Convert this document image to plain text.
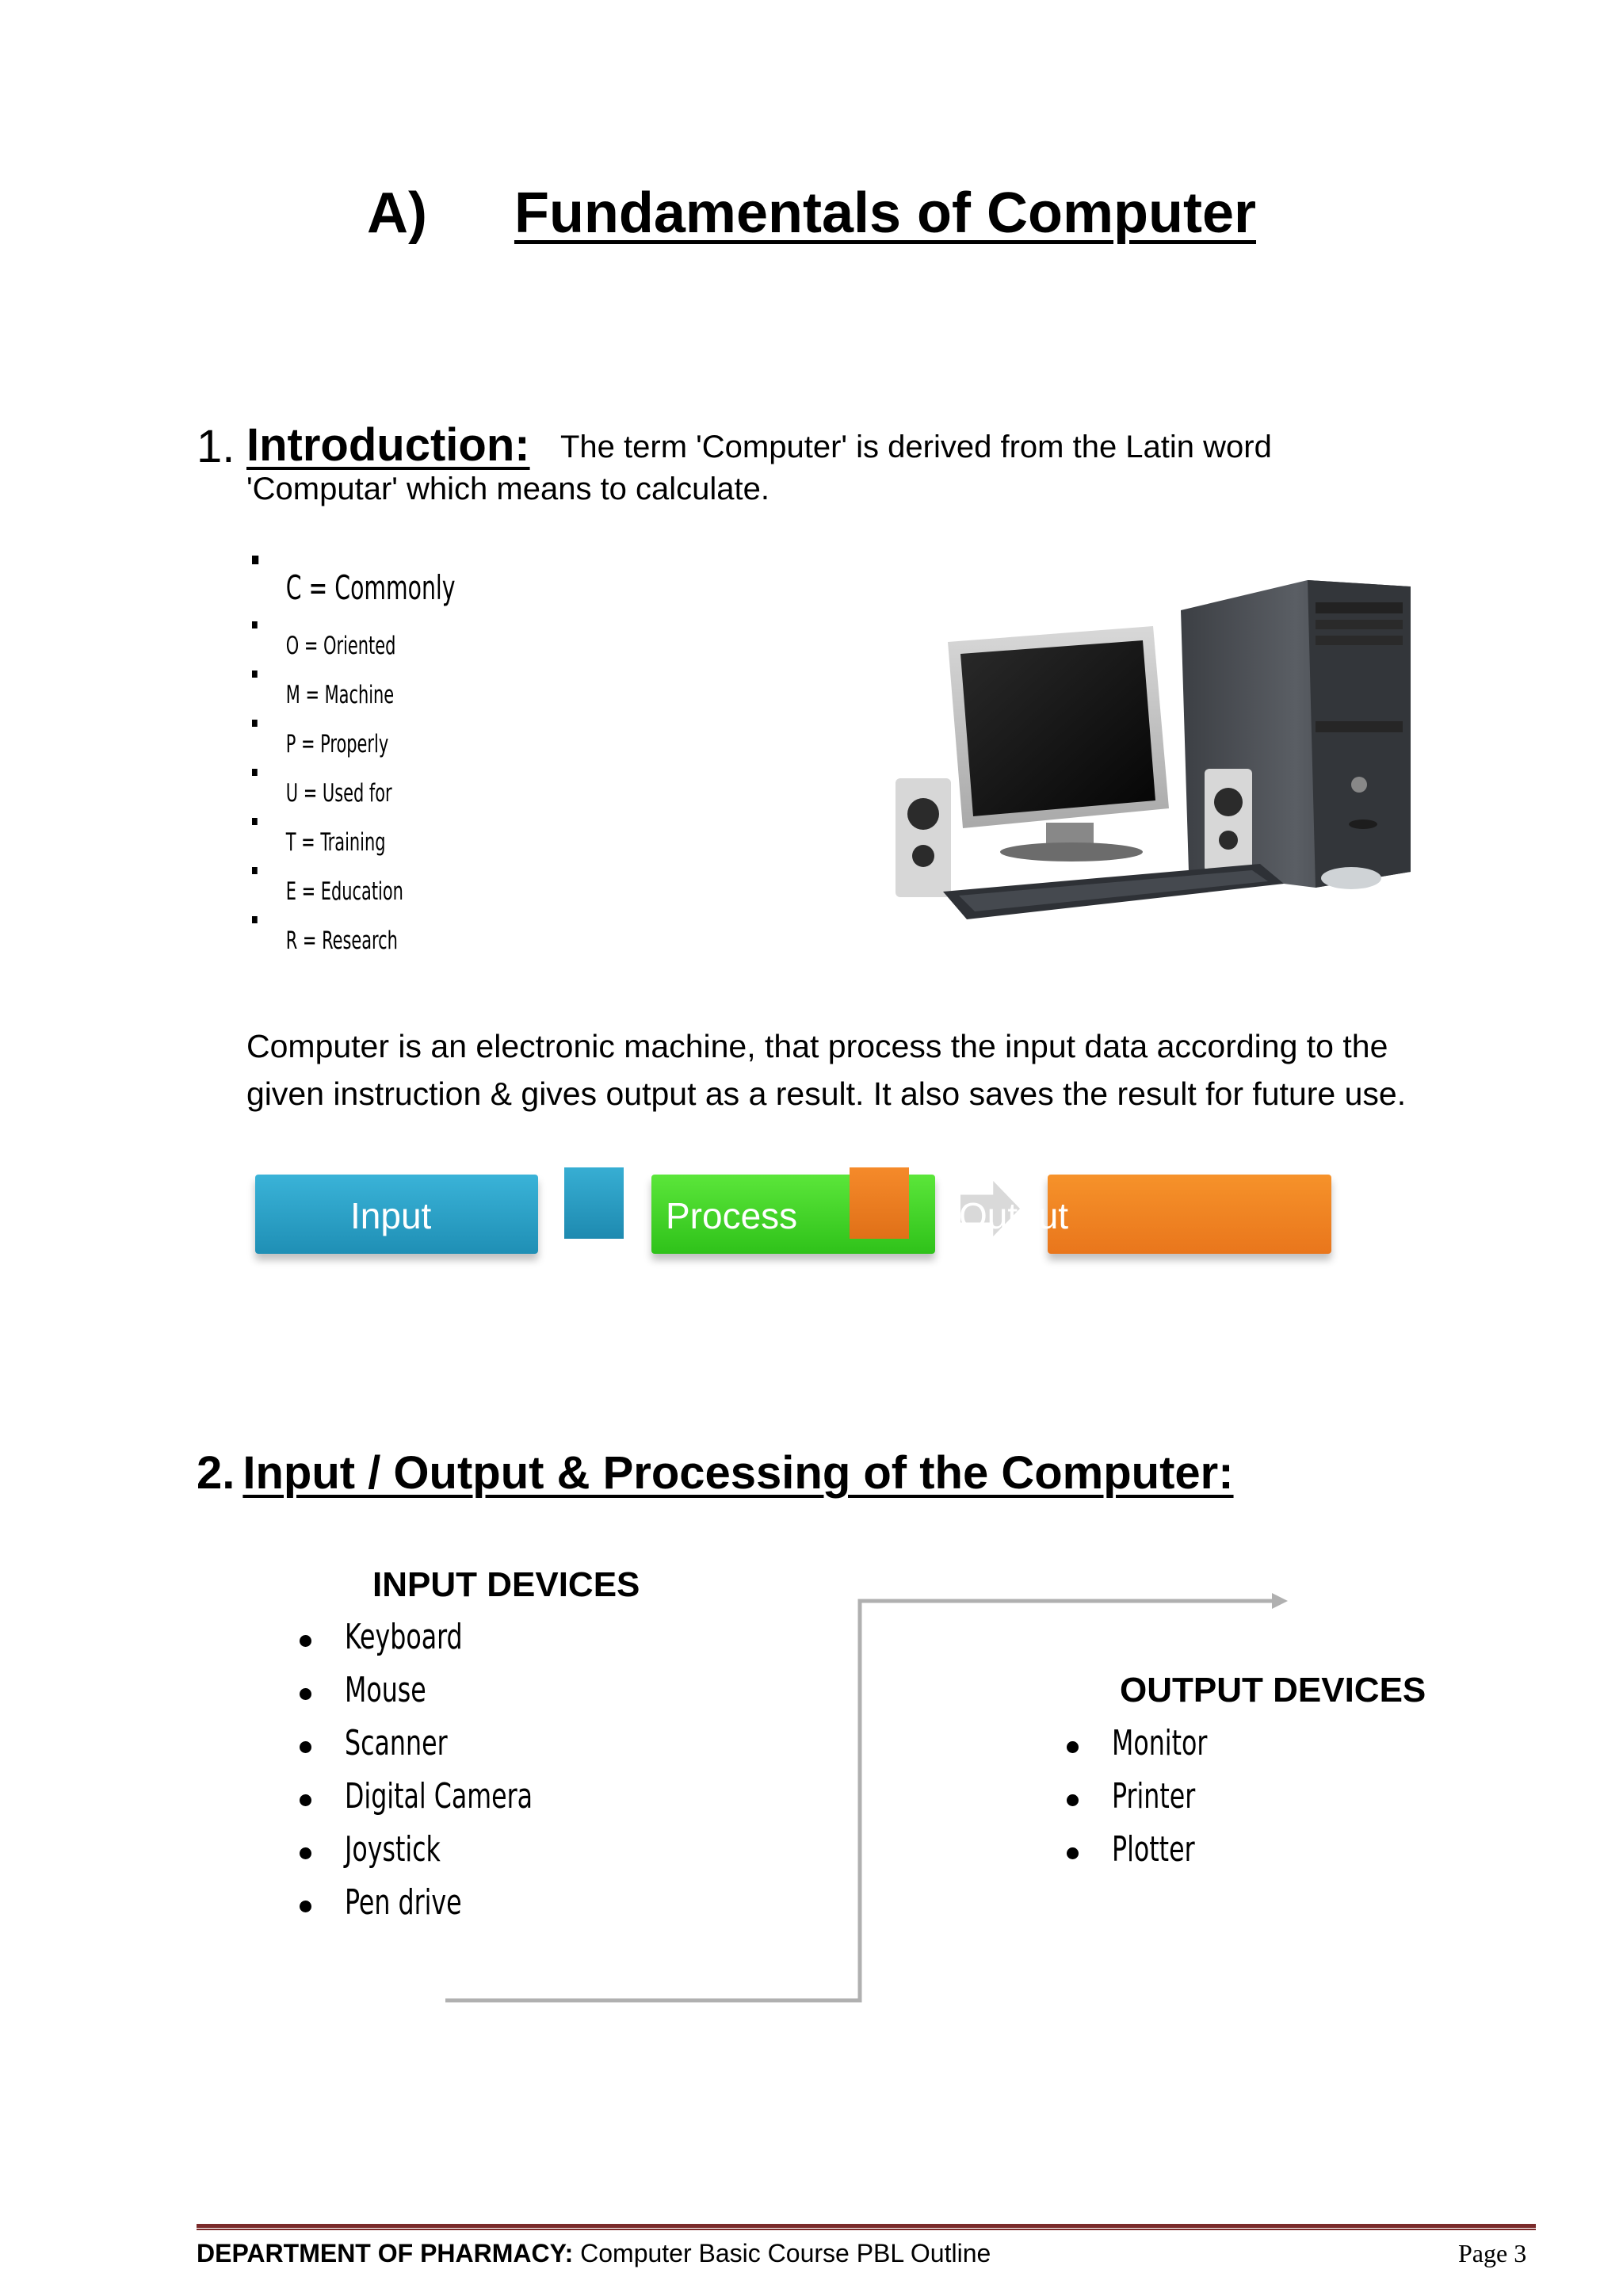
A) Fundamentals of Computer
1. Introduction: The term 'Computer' is derived from the Latin word
'Computar' which means to calculate.
C = Commonly
O = Oriented
M = Machine
P = Properly
U = Used for
T = Training
E = Education
R = Research
Computer is an electronic machine, that process the input data according to the
given instruction & gives output as a result. It also saves the result for future use.
Input	Process	Output
2. Input / Output & Processing of the Computer:
INPUT DEVICES
Keyboard
Mouse
Scanner
Digital Camera
Joystick
Pen drive
OUTPUT DEVICES
Monitor
Printer
Plotter
DEPARTMENT OF PHARMACY: Computer Basic Course PBL Outline	Page 3
